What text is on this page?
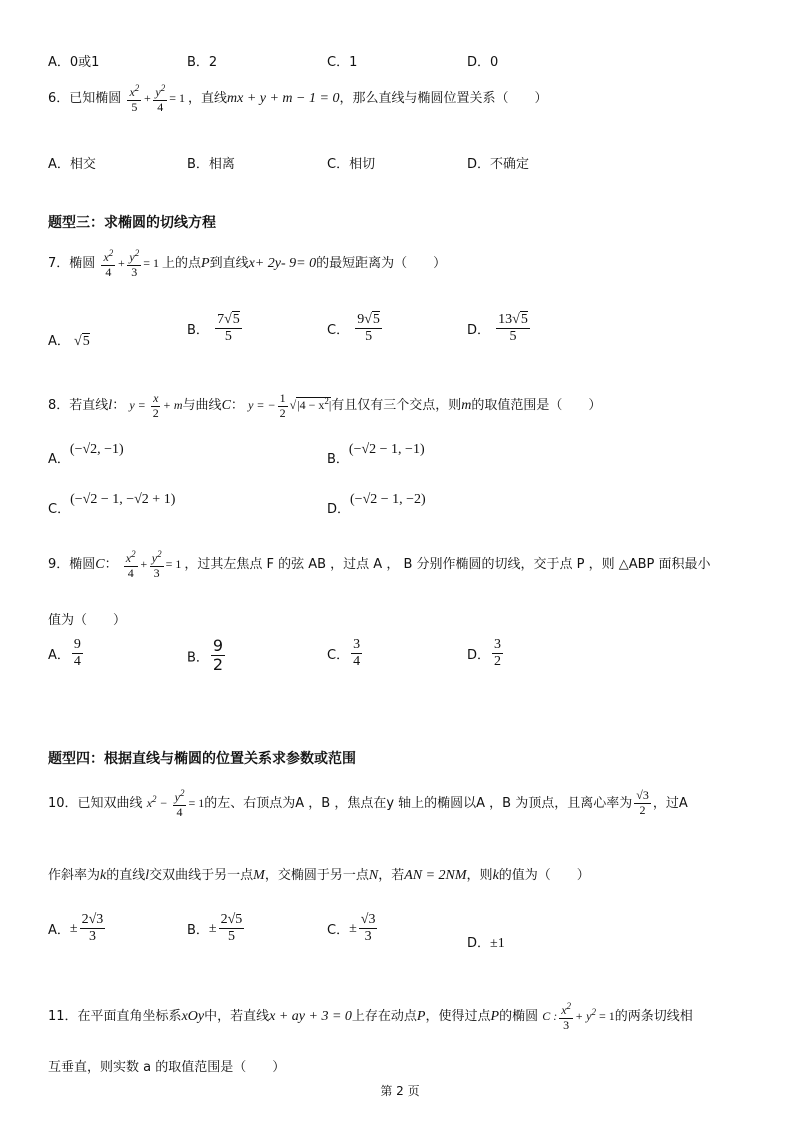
A．0或1	B．2	C．1	D．0
6．已知椭圆 $\frac{x^2}{5} + \frac{y^2}{4} = 1$ ，直线mx + y + m − 1 = 0，那么直线与椭圆位置关系（　　）
A．相交	B．相离	C．相切	D．不确定
题型三：求椭圆的切线方程
7．椭圆 $\frac{x^2}{4} + \frac{y^2}{3} = 1$ 上的点P到直线x+ 2y- 9= 0的最短距离为（　　）
A． √5
B． $\frac{7√5}{5}$	C． $\frac{9√5}{5}$	D． $\frac{13√5}{5}$
8．若直线l： $y = \frac{x}{2} + m$与曲线C： y = − $\frac{1}{2} √|4 - x^2|$有且仅有三个交点，则m的取值范围是（　　）
A．(−√2, −1)
B．(−√2 − 1, −1)
C．(−√2 − 1, −√2 + 1)
D．(−√2 − 1, −2)
9．椭圆C： $\frac{x^2}{4} + \frac{y^2}{3} = 1$ ，过其左焦点 F 的弦 AB ，过点 A ， B 分别作椭圆的切线，交于点 P ，则 △ABP 面积最小
值为（　　）
A． $\frac{9}{4}$	B． $\frac{9}{2}$	C． $\frac{3}{4}$	D． $\frac{3}{2}$
题型四：根据直线与椭圆的位置关系求参数或范围
10．已知双曲线 $x^2 - \frac{y^2}{4} = 1$的左、右顶点为A ，B ，焦点在y 轴上的椭圆以A ，B 为顶点，且离心率为 $\frac{√3}{2}$ ，过A
作斜率为k的直线l交双曲线于另一点M，交椭圆于另一点N，若AN = 2NM，则k的值为（　　）
A．± $\frac{2√3}{3}$	B．± $\frac{2√5}{5}$	C．± $\frac{√3}{3}$	D．±1
11．在平面直角坐标系xOy中，若直线x + ay + 3 = 0上存在动点P，使得过点P的椭圆 C : $\frac{x^2}{3} + y^2 = 1$的两条切线相
互垂直，则实数 a 的取值范围是（　　）
第 2 页
